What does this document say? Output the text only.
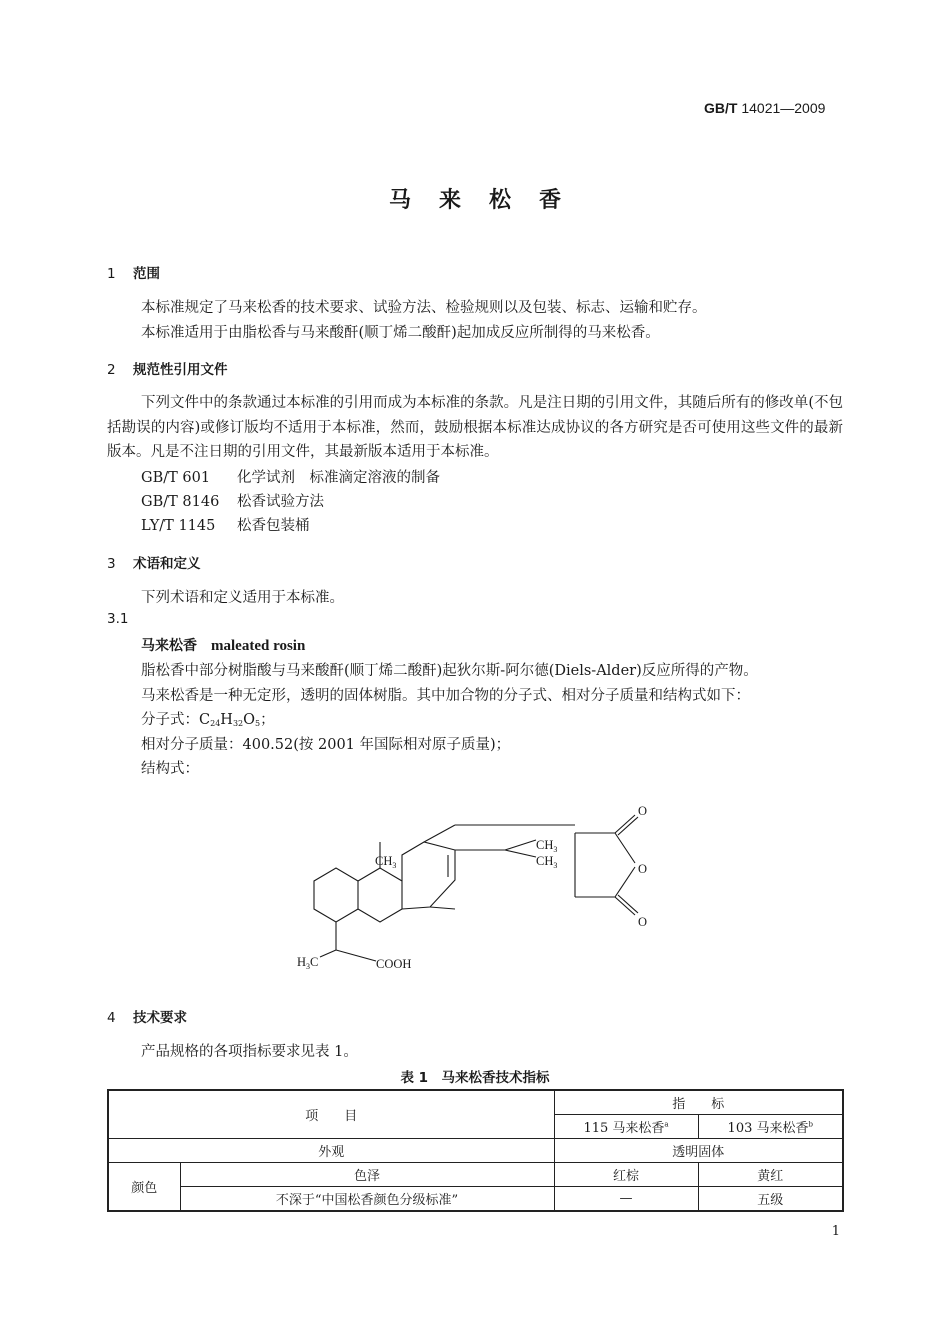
GB/T 14021—2009
马来松香
1 范围
本标准规定了马来松香的技术要求、试验方法、检验规则以及包装、标志、运输和贮存。
本标准适用于由脂松香与马来酸酐(顺丁烯二酸酐)起加成反应所制得的马来松香。
2 规范性引用文件
下列文件中的条款通过本标准的引用而成为本标准的条款。凡是注日期的引用文件，其随后所有的修改单(不包括勘误的内容)或修订版均不适用于本标准，然而，鼓励根据本标准达成协议的各方研究是否可使用这些文件的最新版本。凡是不注日期的引用文件，其最新版本适用于本标准。
GB/T 601 化学试剂　标准滴定溶液的制备
GB/T 8146 松香试验方法
LY/T 1145 松香包装桶
3 术语和定义
下列术语和定义适用于本标准。
3.1
马来松香 maleated rosin
脂松香中部分树脂酸与马来酸酐(顺丁烯二酸酐)起狄尔斯-阿尔德(Diels-Alder)反应所得的产物。
马来松香是一种无定形，透明的固体树脂。其中加合物的分子式、相对分子质量和结构式如下：
分子式：$C_{24}H_{32}O_5$；
相对分子质量：400.52(按 2001 年国际相对原子质量)；
结构式：
$CH_3$
$CH_3$
$CH_3$
$H_3C$	COOH
O
O
O
4 技术要求
产品规格的各项指标要求见表 1。
表 1　马来松香技术指标
项　　目		指　　标	
		115 马来松香$^a$	103 马来松香$^b$
外观		透明固体	
颜色	色泽	红棕	黄红
	不深于“中国松香颜色分级标准”	—	五级
1
